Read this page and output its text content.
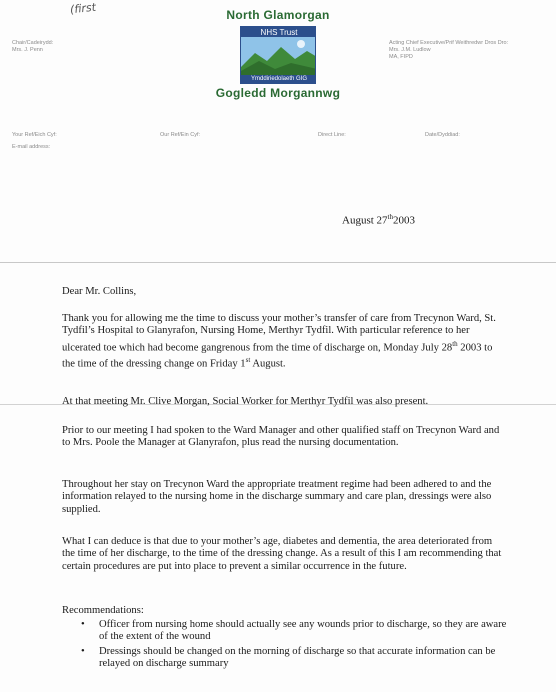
(first	North Glamorgan
NHS Trust
Ymddiriedolaeth GIG
Gogledd Morgannwg
Chair/Cadeirydd:
Mrs. J. Penn
Acting Chief Executive/Prif Weithredwr Dros Dro:
Mrs. J.M. Ludlow
MA, FIPD
Your Ref/Eich Cyf:	Our Ref/Ein Cyf:	Direct Line:	Date/Dyddiad:
E-mail address:
August 27th2003
Dear Mr. Collins,
Thank you for allowing me the time to discuss your mother’s transfer of care from Trecynon Ward, St. Tydfil’s Hospital to Glanyrafon, Nursing Home, Merthyr Tydfil. With particular reference to her ulcerated toe which had become gangrenous from the time of discharge on, Monday July 28th 2003 to the time of the dressing change on Friday 1st August.
At that meeting Mr. Clive Morgan, Social Worker for Merthyr Tydfil was also present.
Prior to our meeting I had spoken to the Ward Manager and other qualified staff on Trecynon Ward and to Mrs. Poole the Manager at Glanyrafon, plus read the nursing documentation.
Throughout her stay on Trecynon Ward the appropriate treatment regime had been adhered to and the information relayed to the nursing home in the discharge summary and care plan, dressings were also supplied.
What I can deduce is that due to your mother’s age, diabetes and dementia, the area deteriorated from the time of her discharge, to the time of the dressing change. As a result of this I am recommending that certain procedures are put into place to prevent a similar occurrence in the future.
Recommendations:
• Officer from nursing home should actually see any wounds prior to discharge, so they are aware of the extent of the wound
• Dressings should be changed on the morning of discharge so that accurate information can be relayed on discharge summary
